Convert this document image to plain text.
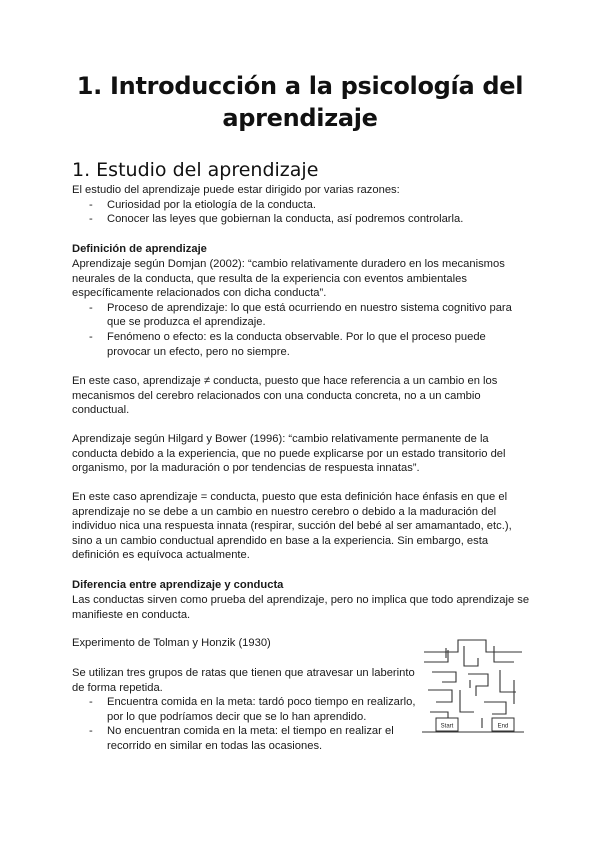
1. Introducción a la psicología del aprendizaje
1. Estudio del aprendizaje
El estudio del aprendizaje puede estar dirigido por varias razones:
- Curiosidad por la etiología de la conducta.
- Conocer las leyes que gobiernan la conducta, así podremos controlarla.
Definición de aprendizaje
Aprendizaje según Domjan (2002): “cambio relativamente duradero en los mecanismos neurales de la conducta, que resulta de la experiencia con eventos ambientales específicamente relacionados con dicha conducta”.
- Proceso de aprendizaje: lo que está ocurriendo en nuestro sistema cognitivo para que se produzca el aprendizaje.
- Fenómeno o efecto: es la conducta observable. Por lo que el proceso puede provocar un efecto, pero no siempre.
En este caso, aprendizaje ≠ conducta, puesto que hace referencia a un cambio en los mecanismos del cerebro relacionados con una conducta concreta, no a un cambio conductual.
Aprendizaje según Hilgard y Bower (1996): “cambio relativamente permanente de la conducta debido a la experiencia, que no puede explicarse por un estado transitorio del organismo, por la maduración o por tendencias de respuesta innatas”.
En este caso aprendizaje = conducta, puesto que esta definición hace énfasis en que el aprendizaje no se debe a un cambio en nuestro cerebro o debido a la maduración del individuo nica una respuesta innata (respirar, succión del bebé al ser amamantado, etc.), sino a un cambio conductual aprendido en base a la experiencia. Sin embargo, esta definición es equívoca actualmente.
Diferencia entre aprendizaje y conducta
Las conductas sirven como prueba del aprendizaje, pero no implica que todo aprendizaje se manifieste en conducta.
Experimento de Tolman y Honzik (1930)
Se utilizan tres grupos de ratas que tienen que atravesar un laberinto de forma repetida.
- Encuentra comida en la meta: tardó poco tiempo en realizarlo, por lo que podríamos decir que se lo han aprendido.
- No encuentran comida en la meta: el tiempo en realizar el recorrido en similar en todas las ocasiones.
Start	End
